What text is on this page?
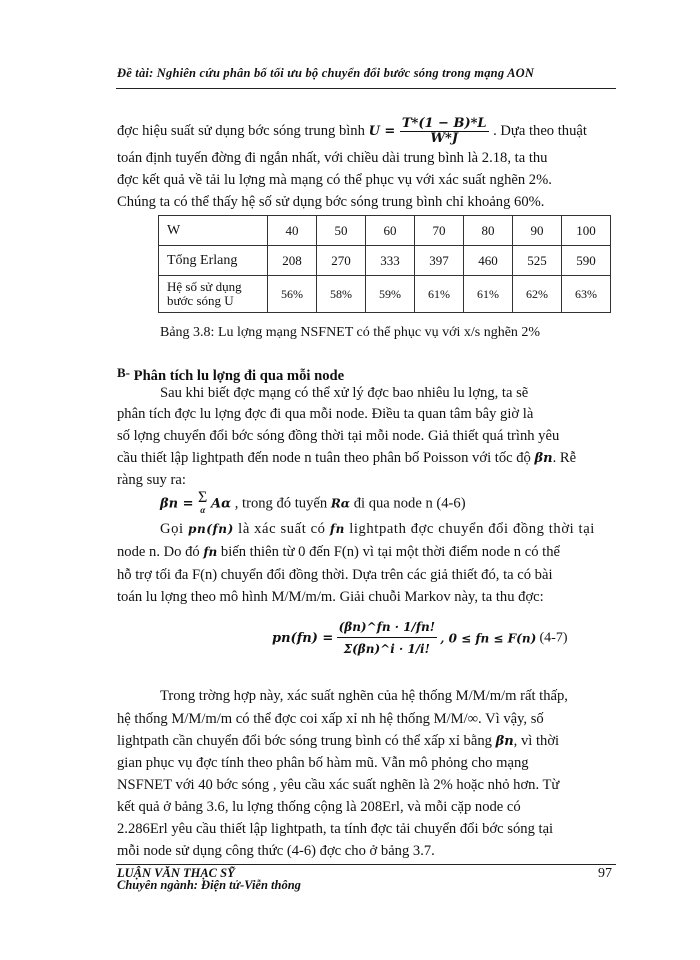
Đề tài: Nghiên cứu phân bố tối ưu bộ chuyển đổi bước sóng trong mạng AON
đợc hiệu suất sử dụng bớc sóng trung bình $U = \frac{T*(1 - B)*L}{W*J}$ . Dựa theo thuật
toán định tuyến đờng đi ngắn nhất, với chiều dài trung bình là 2.18, ta thu
đợc kết quả về tải lu lợng mà mạng có thể phục vụ với xác suất nghẽn 2%.
Chúng ta có thể thấy hệ số sử dụng bớc sóng trung bình chỉ khoảng 60%.
W	40	50	60	70	80	90	100
Tổng Erlang	208	270	333	397	460	525	590

Hệ số sử dụng
bước sóng U	56%	58%	59%	61%	61%	62%	63%
Bảng 3.8: Lu lợng mạng NSFNET có thể phục vụ với x/s nghẽn 2%
B- Phân tích lu lợng đi qua mỗi node
Sau khi biết đợc mạng có thể xử lý đợc bao nhiêu lu lợng, ta sẽ
phân tích đợc lu lợng đợc đi qua mỗi node. Điều ta quan tâm bây giờ là
số lợng chuyển đổi bớc sóng đồng thời tại mỗi node. Giả thiết quá trình yêu
cầu thiết lập lightpath đến node n tuân theo phân bố Poisson với tốc độ βn. Rễ
ràng suy ra:
βn = Σ
α Aα , trong đó tuyến Rα đi qua node n (4-6)
Gọi pn(fn) là xác suất có fn lightpath đợc chuyển đổi đồng thời tại
node n. Do đó fn biến thiên từ 0 đến F(n) vì tại một thời điểm node n có thể
hỗ trợ tối đa F(n) chuyển đổi đồng thời. Dựa trên các giả thiết đó, ta có bài
toán lu lợng theo mô hình M/M/m/m. Giải chuỗi Markov này, ta thu đợc:
$pn(fn) = \frac{(\beta n)\^{}fn \cdot 1/fn!}{\Sigma(\beta n)\^{}i \cdot 1/i!}$ , 0 ≤ fn ≤ F(n) (4-7)
Trong trờng hợp này, xác suất nghẽn của hệ thống M/M/m/m rất thấp,
hệ thống M/M/m/m có thể đợc coi xấp xỉ nh hệ thống M/M/∞. Vì vậy, số
lightpath cần chuyển đổi bớc sóng trung bình có thể xấp xỉ bằng βn, vì thời
gian phục vụ đợc tính theo phân bố hàm mũ. Vẫn mô phỏng cho mạng
NSFNET với 40 bớc sóng , yêu cầu xác suất nghẽn là 2% hoặc nhỏ hơn. Từ
kết quả ở bảng 3.6, lu lợng thống cộng là 208Erl, và mỗi cặp node có
2.286Erl yêu cầu thiết lập lightpath, ta tính đợc tải chuyển đổi bớc sóng tại
mỗi node sử dụng công thức (4-6) đợc cho ở bảng 3.7.
LUẬN VĂN THẠC SỸ
Chuyên ngành: Điện tử-Viễn thông
97
